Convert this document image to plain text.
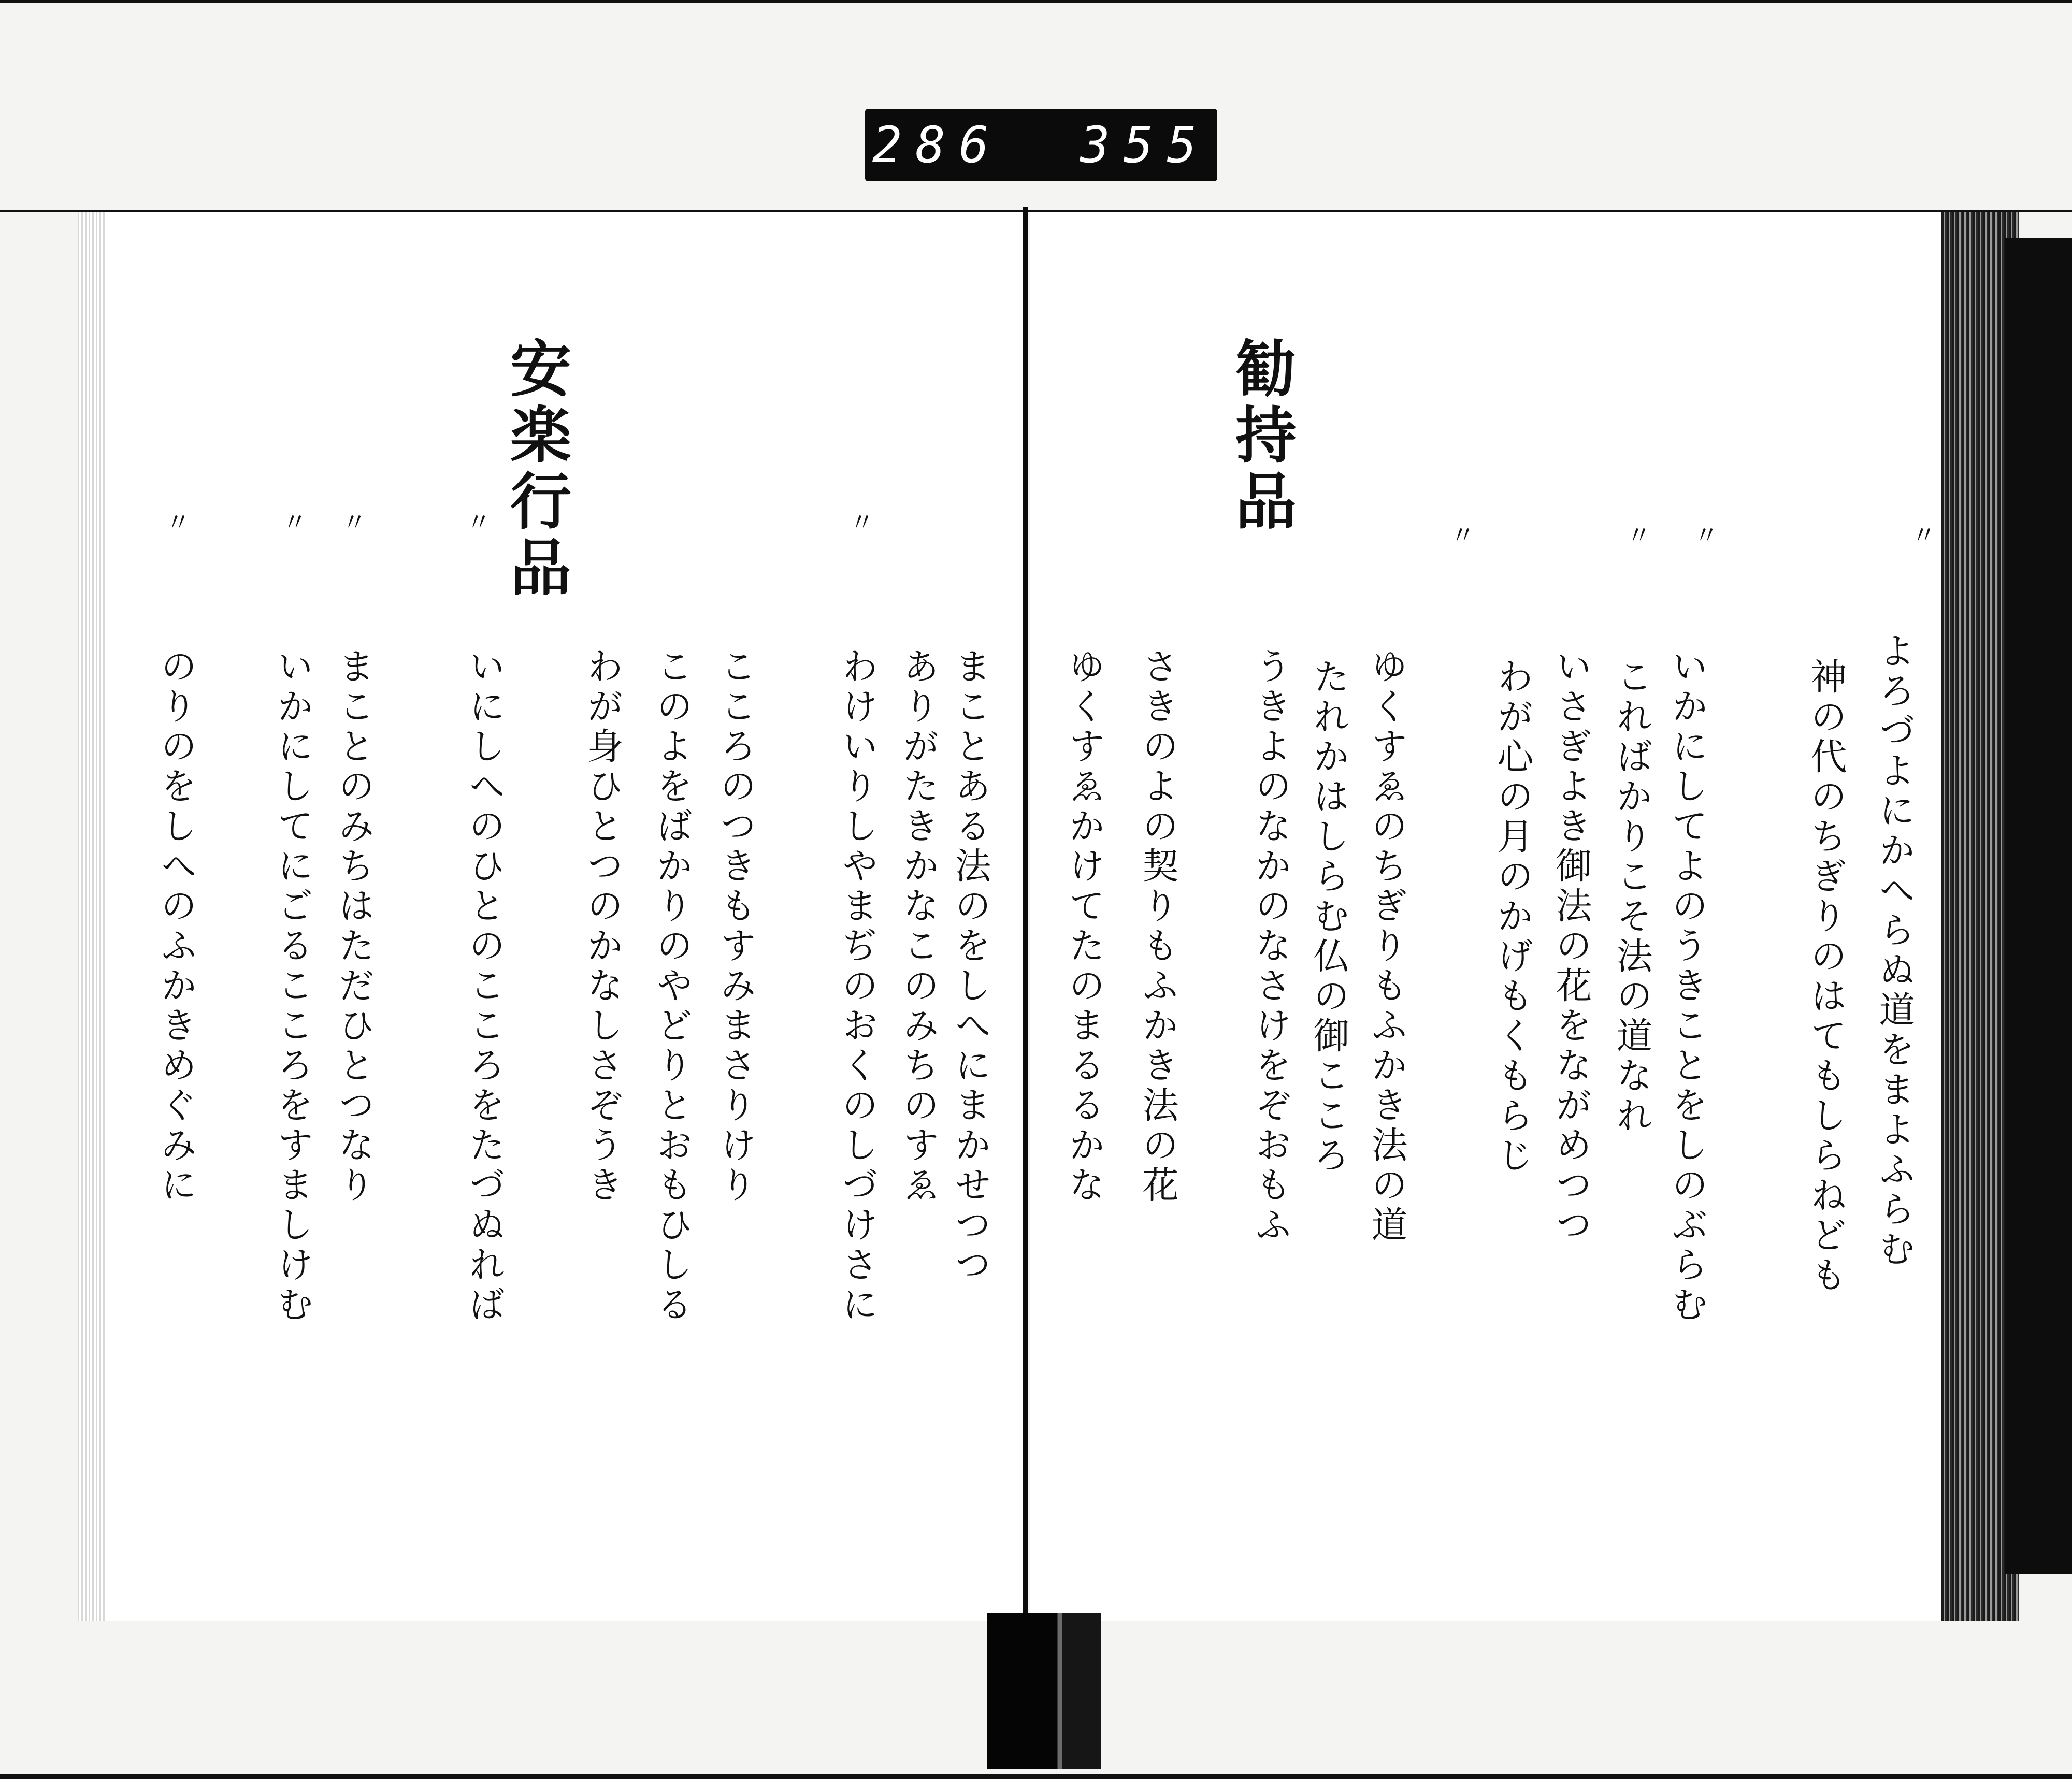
286 355
勧持品	〃
よろづよにかへらぬ道をまよふらむ
神の代のちぎりのはてもしらねども
〃
いかにしてよのうきことをしのぶらむ
こればかりこそ法の道なれ
〃
いさぎよき御法の花をながめつつ
わが心の月のかげもくもらじ
〃
ゆくすゑのちぎりもふかき法の道
たれかはしらむ仏の御こころ
うきよのなかのなさけをぞおもふ
さきのよの契りもふかき法の花
ゆくすゑかけてたのまるるかな
安楽行品
まことある法のをしへにまかせつつ
ありがたきかなこのみちのすゑ
わけいりしやまぢのおくのしづけさに
〃
こころのつきもすみまさりけり
このよをばかりのやどりとおもひしる
わが身ひとつのかなしさぞうき
〃
いにしへのひとのこころをたづぬれば
〃
まことのみちはただひとつなり
〃
いかにしてにごるこころをすましけむ
〃
のりのをしへのふかきめぐみに
